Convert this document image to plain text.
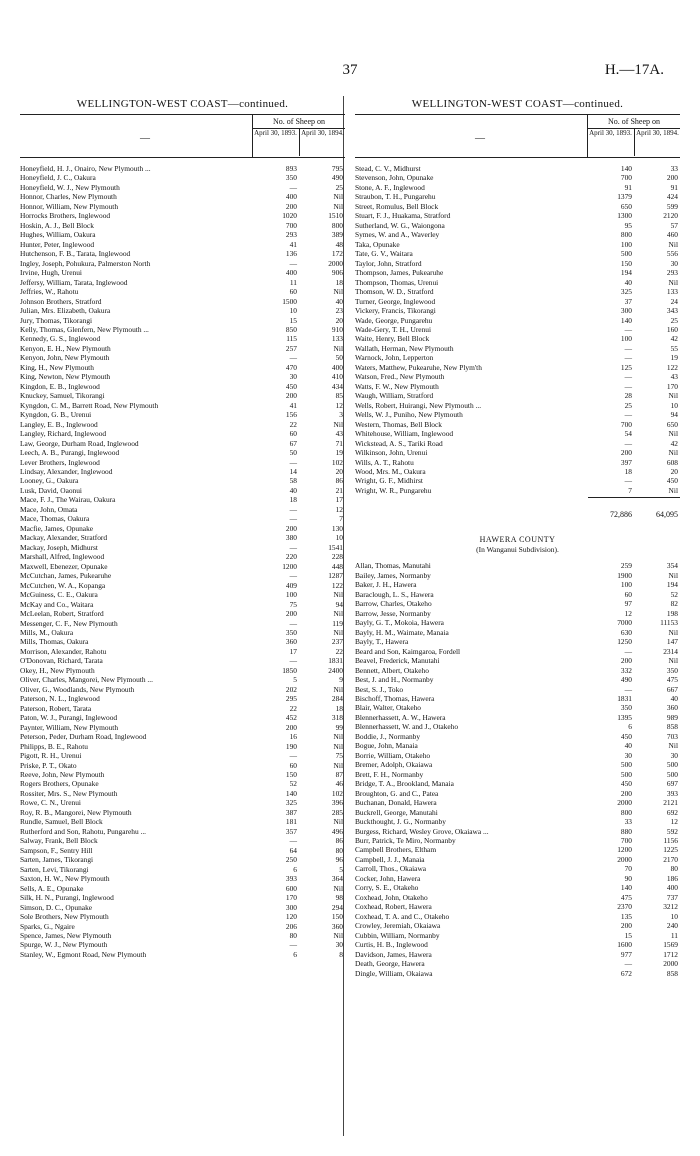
37	H.—17A.
WELLINGTON-WEST COAST—continued.
—
No. of Sheep on
April 30, 1893. April 30, 1894.
Honeyfield, H. J., Onairo, New Plymouth ...	893	795
Honeyfield, J. C., Oakura	350	490
Honeyfield, W. J., New Plymouth	—	25
Honnor, Charles, New Plymouth	400	Nil
Honnor, William, New Plymouth	200	Nil
Horrocks Brothers, Inglewood	1020	1510
Hoskin, A. J., Bell Block	700	800
Hughes, William, Oakura	293	389
Hunter, Peter, Inglewood	41	48
Hutchenson, F. B., Tarata, Inglewood	136	172
Ingley, Joseph, Pohukura, Palmerston North	—	2000
Irvine, Hugh, Urenui	400	906
Jeffersy, William, Tarata, Inglewood	11	18
Jeffries, W., Rahotu	60	Nil
Johnson Brothers, Stratford	1500	40
Julian, Mrs. Elizabeth, Oakura	10	23
Jury, Thomas, Tikorangi	15	20
Kelly, Thomas, Glenfern, New Plymouth ...	850	910
Kennedy, G. S., Inglewood	115	133
Kenyon, E. H., New Plymouth	257	Nil
Kenyon, John, New Plymouth	—	50
King, H., New Plymouth	470	400
King, Newton, New Plymouth	30	410
Kingdon, E. B., Inglewood	450	434
Knuckey, Samuel, Tikorangi	200	85
Kyngdon, C. M., Barrett Road, New Plymouth	41	12
Kyngdon, G. B., Urenui	156	3
Langley, E. B., Inglewood	22	Nil
Langley, Richard, Inglewood	60	43
Law, George, Durham Road, Inglewood	67	71
Leech, A. B., Purangi, Inglewood	50	19
Lever Brothers, Inglewood	—	102
Lindsay, Alexander, Inglewood	14	20
Looney, G., Oakura	58	86
Lusk, David, Oaonui	40	21
Mace, F. J., The Wairau, Oakura	18	17
Mace, John, Omata	—	12
Mace, Thomas, Oakura	—	7
Macfie, James, Opunake	200	130
Mackay, Alexander, Stratford	380	10
Mackay, Joseph, Midhurst	—	1541
Marshall, Alfred, Inglewood	220	228
Maxwell, Ebenezer, Opunake	1200	448
McCutchan, James, Pukearuhe	—	1287
McCutchen, W. A., Kopanga	409	122
McGuiness, C. E., Oakura	100	Nil
McKay and Co., Waitara	75	94
McLeelan, Robert, Stratford	200	Nil
Messenger, C. F., New Plymouth	—	119
Mills, M., Oakura	350	Nil
Mills, Thomas, Oakura	360	237
Morrison, Alexander, Rahotu	17	22
O'Donovan, Richard, Tarata	—	1831
Okey, H., New Plymouth	1850	2400
Oliver, Charles, Mangorei, New Plymouth ...	5	9
Oliver, G., Woodlands, New Plymouth	202	Nil
Paterson, N. L., Inglewood	295	284
Paterson, Robert, Tarata	22	18
Paton, W. J., Purangi, Inglewood	452	318
Paynter, William, New Plymouth	200	99
Peterson, Peder, Durham Road, Inglewood	16	Nil
Philipps, B. E., Rahotu	190	Nil
Pigott, R. H., Urenui	—	75
Priske, P. T., Okato	60	Nil
Reeve, John, New Plymouth	150	87
Rogers Brothers, Opunake	52	46
Rossiter, Mrs. S., New Plymouth	140	102
Rowe, C. N., Urenui	325	396
Roy, R. B., Mangorei, New Plymouth	387	285
Rundle, Samuel, Bell Block	181	Nil
Rutherford and Son, Rahotu, Pungarehu ...	357	496
Salway, Frank, Bell Block	—	86
Sampson, F., Sentry Hill	64	80
Sarten, James, Tikorangi	250	96
Sarten, Levi, Tikorangi	6	5
Saxton, H. W., New Plymouth	393	364
Sells, A. E., Opunake	600	Nil
Silk, H. N., Purangi, Inglewood	170	98
Simson, D. C., Opunake	300	294
Sole Brothers, New Plymouth	120	150
Sparks, G., Ngaire	206	360
Spence, James, New Plymouth	80	Nil
Spurge, W. J., New Plymouth	—	30
Stanley, W., Egmont Road, New Plymouth	6	8
WELLINGTON-WEST COAST—continued.
—
No. of Sheep on
April 30, 1893. April 30, 1894.
Stead, C. V., Midhurst	140	33
Stevenson, John, Opunake	700	200
Stone, A. F., Inglewood	91	91
Straubon, T. H., Pungarehu	1379	424
Street, Romulus, Bell Block	650	599
Stuart, F. J., Huakama, Stratford	1300	2120
Sutherland, W. G., Waiongona	95	57
Symes, W. and A., Waverley	800	460
Taka, Opunake	100	Nil
Tate, G. V., Waitara	500	556
Taylor, John, Stratford	150	30
Thompson, James, Pukearuhe	194	293
Thompson, Thomas, Urenui	40	Nil
Thomson, W. D., Stratford	325	133
Turner, George, Inglewood	37	24
Vickery, Francis, Tikorangi	300	343
Wade, George, Pungarehu	140	25
Wade-Gery, T. H., Urenui	—	160
Waite, Henry, Bell Block	100	42
Wallath, Herman, New Plymouth	—	55
Warnock, John, Lepperton	—	19
Waters, Matthew, Pukearuhe, New Plym'th	125	122
Watson, Fred., New Plymouth	—	43
Watts, F. W., New Plymouth	—	170
Waugh, William, Stratford	28	Nil
Wells, Robert, Huirangi, New Plymouth ...	25	10
Wells, W. J., Puniho, New Plymouth	—	94
Western, Thomas, Bell Block	700	650
Whitehouse, William, Inglewood	54	Nil
Wickstead, A. S., Tariki Road	—	42
Wilkinson, John, Urenui	200	Nil
Wills, A. T., Rahotu	397	608
Wood, Mrs. M., Oakura	18	20
Wright, G. F., Midhirst	—	450
Wright, W. R., Pungarehu	7	Nil
72,886	64,095
HAWERA COUNTY
(In Wanganui Subdivision).
Allan, Thomas, Manutahi	259	354
Bailey, James, Normanby	1900	Nil
Baker, J. H., Hawera	100	194
Baraclough, L. S., Hawera	60	52
Barrow, Charles, Otakeho	97	82
Barrow, Jesse, Normanby	12	198
Bayly, G. T., Mokoia, Hawera	7000	11153
Bayly, H. M., Waimate, Manaia	630	Nil
Bayly, T., Hawera	1250	147
Beard and Son, Kaimgaroa, Fordell	—	2314
Beavel, Frederick, Manutahi	200	Nil
Bennett, Albert, Otakeho	332	350
Best, J. and H., Normanby	490	475
Best, S. J., Toko	—	667
Bischoff, Thomas, Hawera	1831	40
Blair, Walter, Otakeho	350	360
Blennerhassett, A. W., Hawera	1395	989
Blennerhassett, W. and J., Otakeho	6	858
Boddie, J., Normanby	450	703
Bogue, John, Manaia	40	Nil
Borrie, William, Otakeho	30	30
Bremer, Adolph, Okaiawa	500	500
Brett, F. H., Normanby	500	500
Bridge, T. A., Brookland, Manaia	450	697
Broughton, G. and C., Patea	200	393
Buchanan, Donald, Hawera	2000	2121
Buckrell, George, Manutahi	800	692
Buckthought, J. G., Normanby	33	12
Burgess, Richard, Wesley Grove, Okaiawa ...	880	592
Burr, Patrick, Te Miro, Normanby	700	1156
Campbell Brothers, Eltham	1200	1225
Campbell, J. J., Manaia	2000	2170
Carroll, Thos., Okaiawa	70	80
Cocker, John, Hawera	90	186
Corry, S. E., Otakeho	140	400
Coxhead, John, Otakeho	475	737
Coxhead, Robert, Hawera	2370	3212
Coxhead, T. A. and C., Otakeho	135	10
Crowley, Jeremiah, Okaiawa	200	240
Cubbin, William, Normanby	15	11
Curtis, H. B., Inglewood	1600	1569
Davidson, James, Hawera	977	1712
Death, George, Hawera	—	2000
Dingle, William, Okaiawa	672	858
